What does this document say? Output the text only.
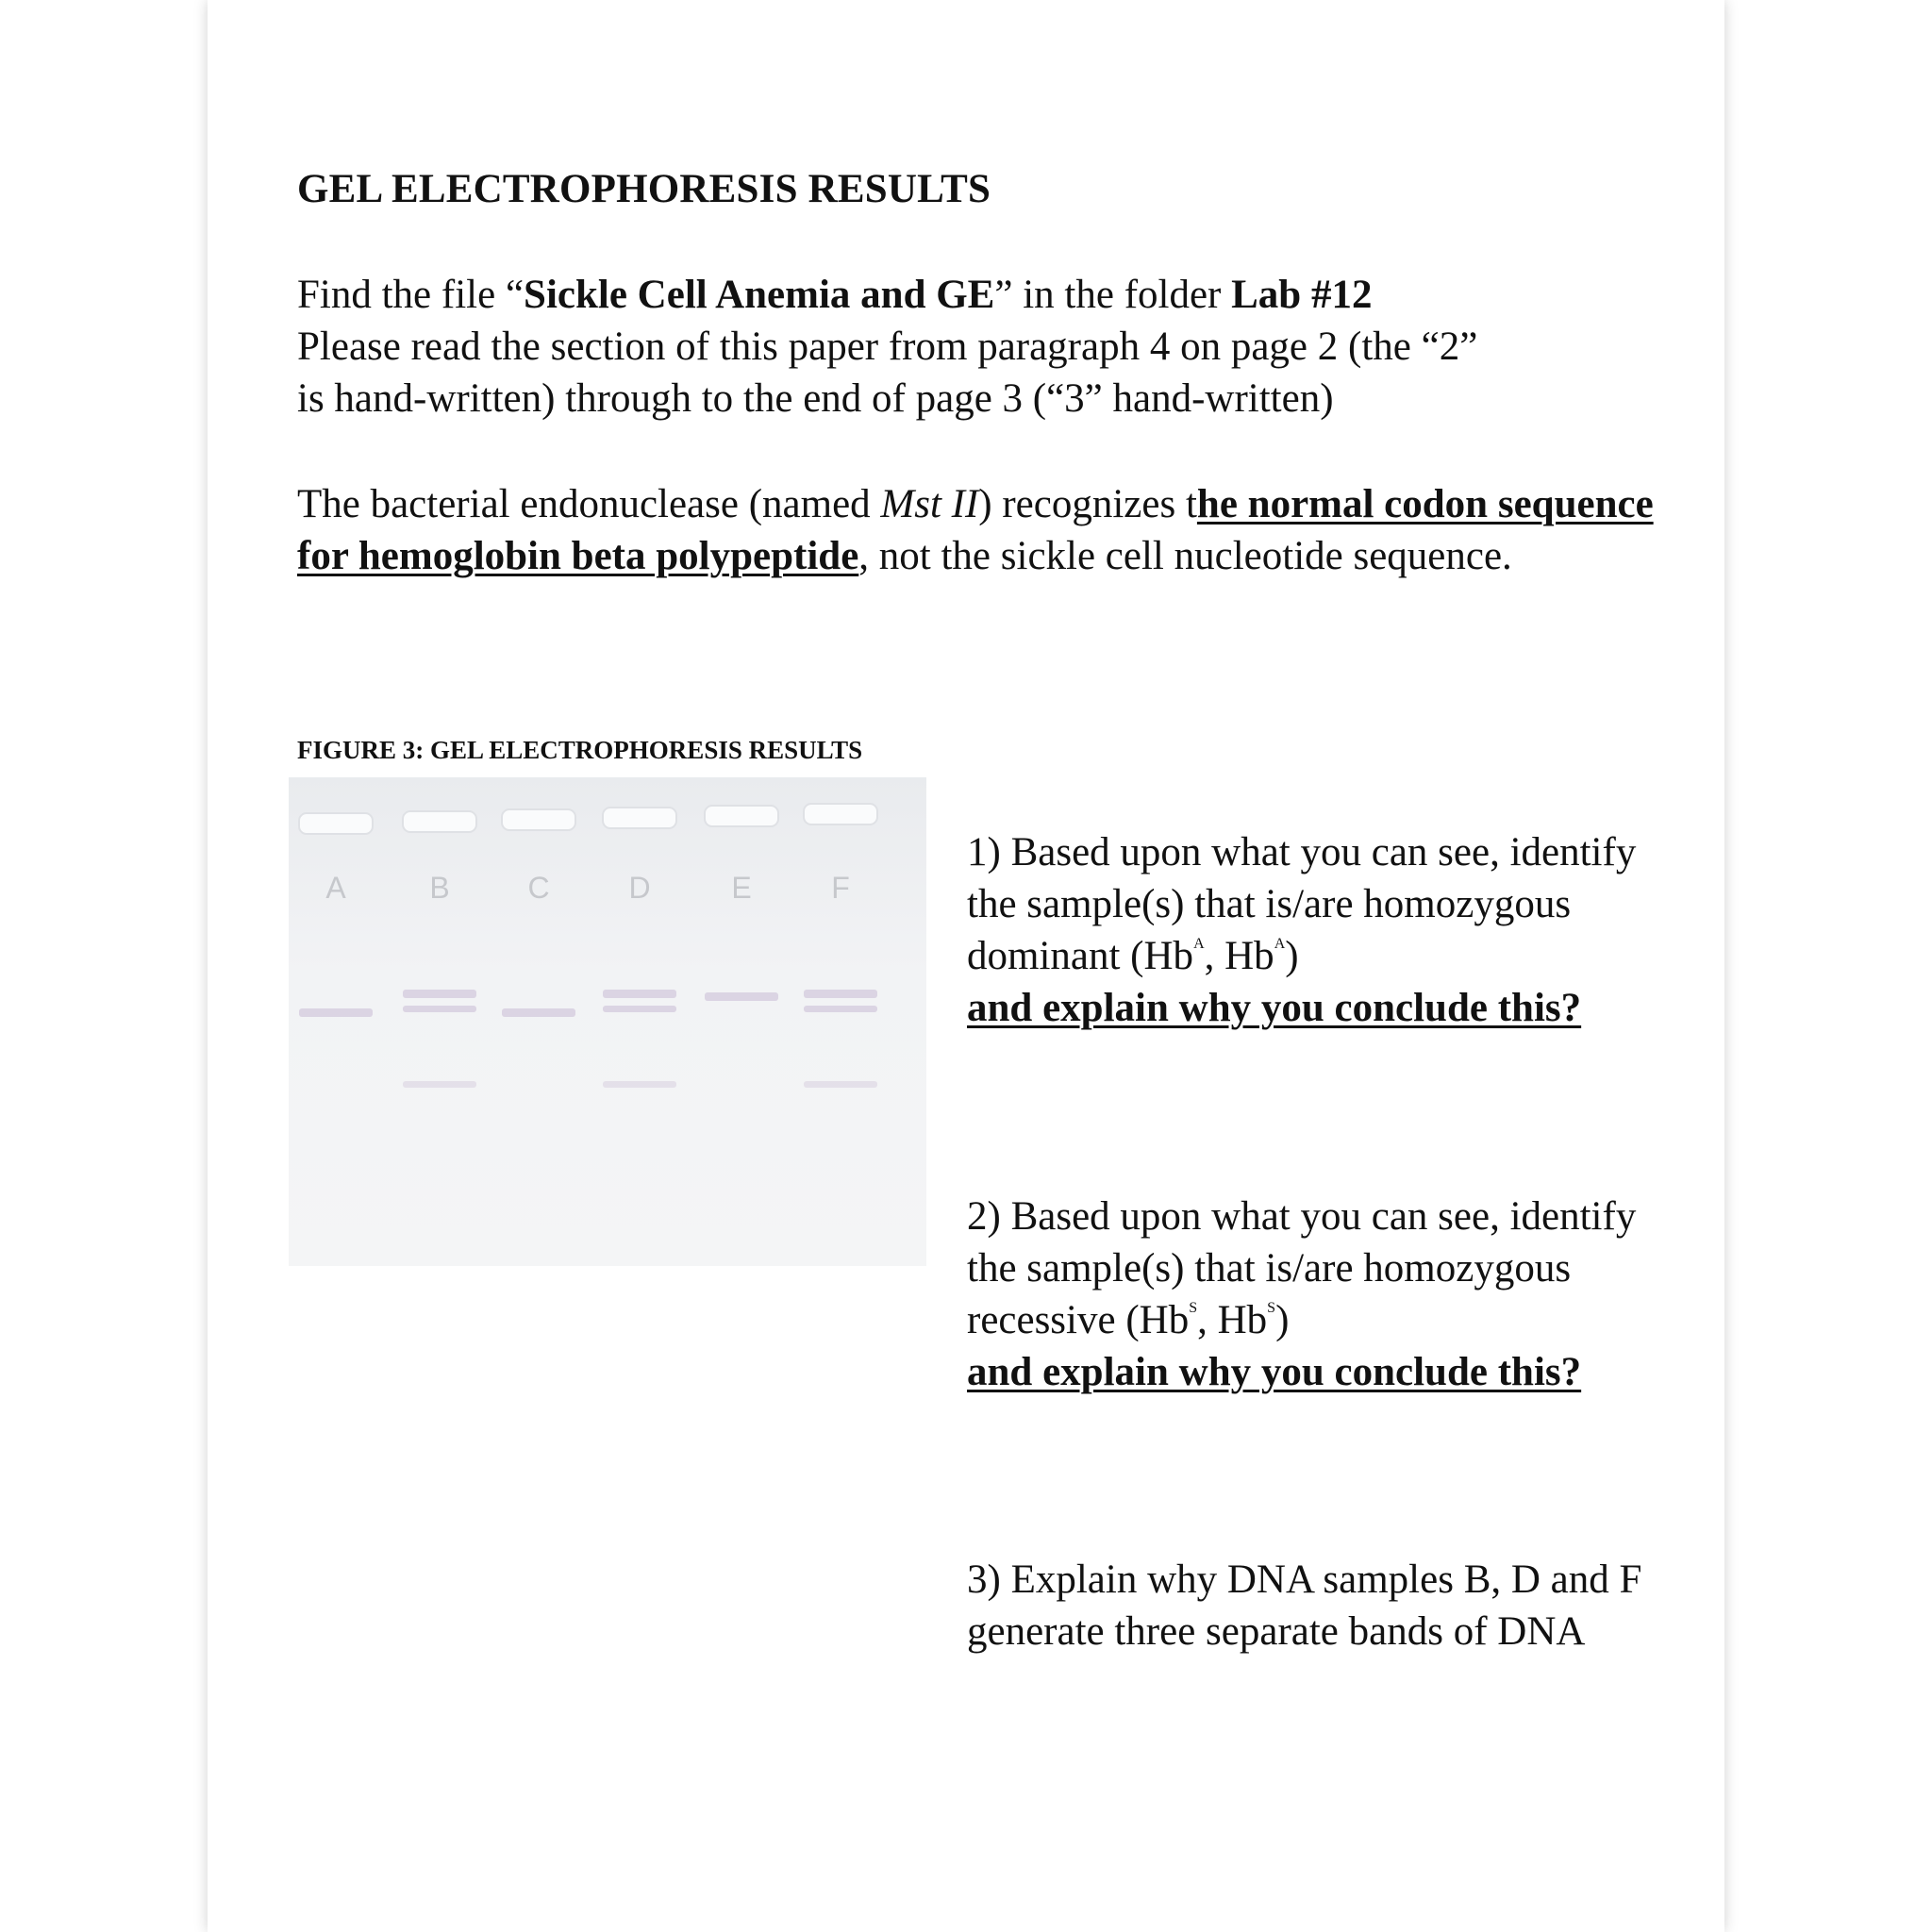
GEL ELECTROPHORESIS RESULTS

Find the file “Sickle Cell Anemia and GE” in the folder Lab #12
Please read the section of this paper from paragraph 4 on page 2 (the “2”
is hand-written) through to the end of page 3 (“3” hand-written)

The bacterial endonuclease (named Mst II) recognizes the normal codon sequence for hemoglobin beta polypeptide, not the sickle cell nucleotide sequence.

FIGURE 3: GEL ELECTROPHORESIS RESULTS

A	B	C	D	E	F

1) Based upon what you can see, identify the sample(s) that is/are homozygous dominant ($Hb^A$, $Hb^A$)
and explain why you conclude this?

2) Based upon what you can see, identify the sample(s) that is/are homozygous recessive ($Hb^S$, $Hb^S$)
and explain why you conclude this?

3) Explain why DNA samples B, D and F generate three separate bands of DNA
